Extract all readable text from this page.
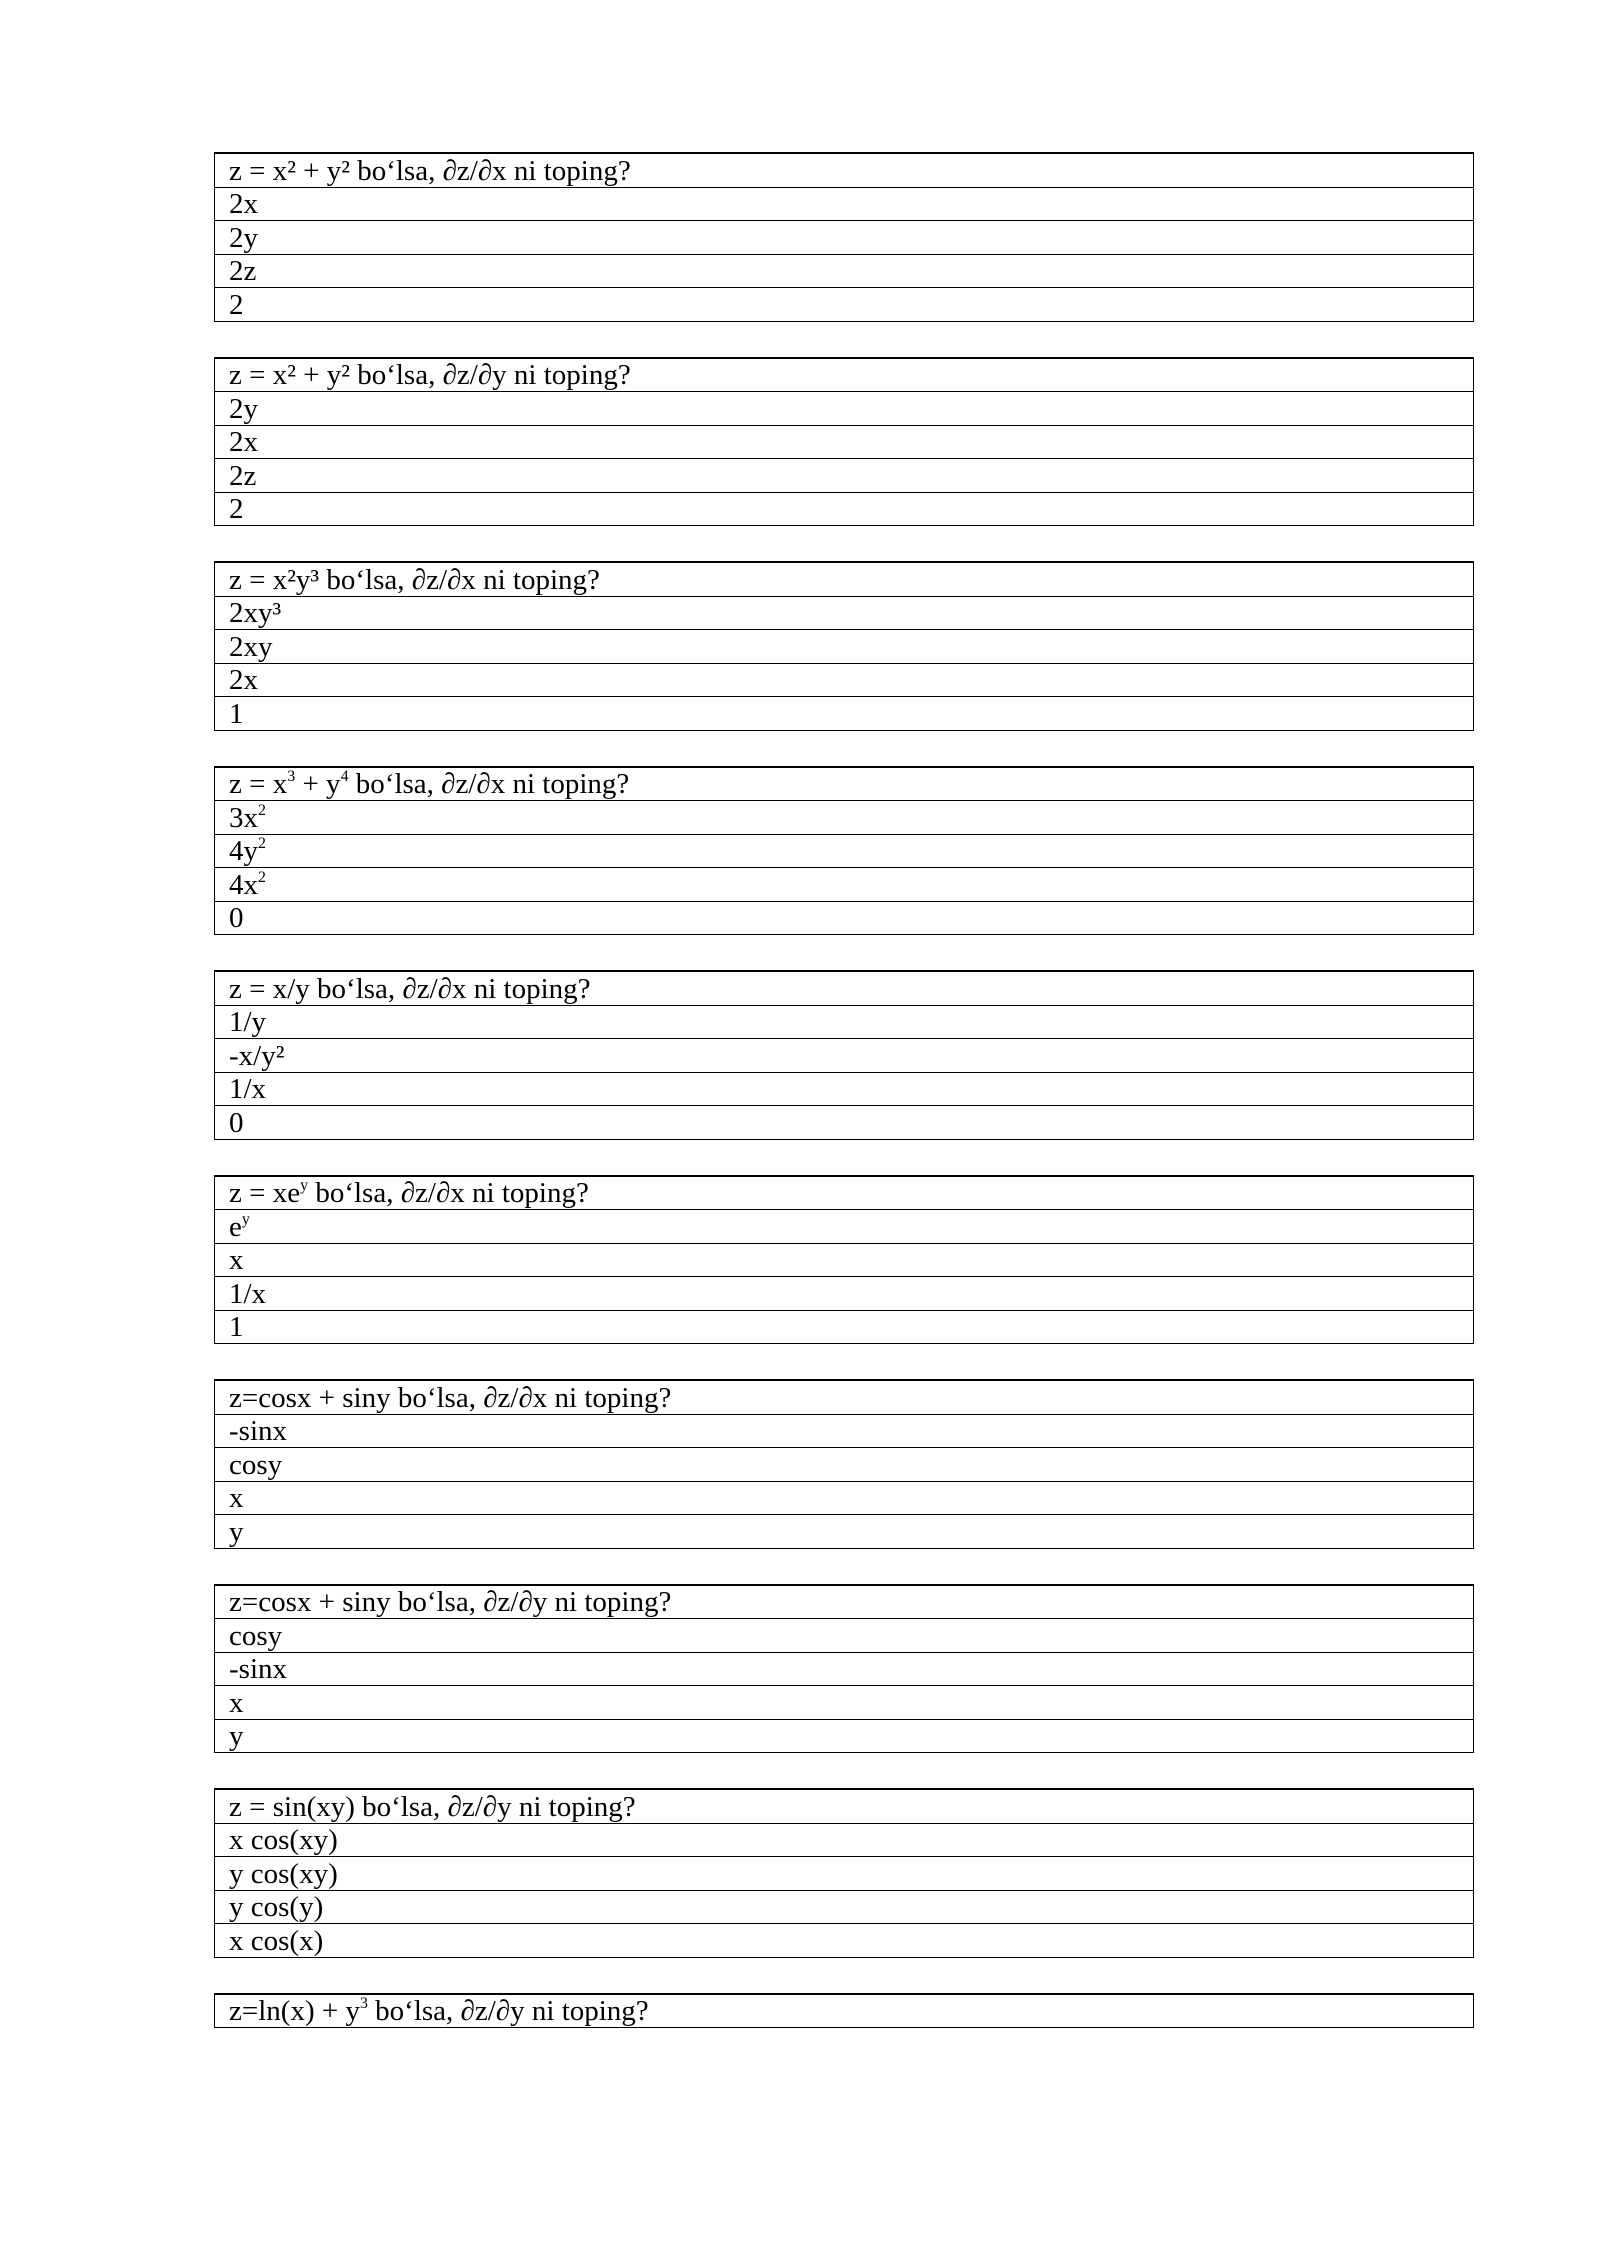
z = x² + y² bo‘lsa, ∂z/∂x ni toping?
2x
2y
2z
2
z = x² + y² bo‘lsa, ∂z/∂y ni toping?
2y
2x
2z
2
z = x²y³ bo‘lsa, ∂z/∂x ni toping?
2xy³
2xy
2x
1
$z = x^3 + y^4$ bo‘lsa, ∂z/∂x ni toping?
$3x^2$
$4y^2$
$4x^2$
0
z = x/y bo‘lsa, ∂z/∂x ni toping?
1/y
-x/y²
1/x
0
$z = xe^y$ bo‘lsa, ∂z/∂x ni toping?
$e^y$
x
1/x
1
z=cosx + siny bo‘lsa, ∂z/∂x ni toping?
-sinx
cosy
x
y
z=cosx + siny bo‘lsa, ∂z/∂y ni toping?
cosy
-sinx
x
y
z = sin(xy) bo‘lsa, ∂z/∂y ni toping?
x cos(xy)
y cos(xy)
y cos(y)
x cos(x)
$z=\ln(x) + y^3$ bo‘lsa, ∂z/∂y ni toping?
